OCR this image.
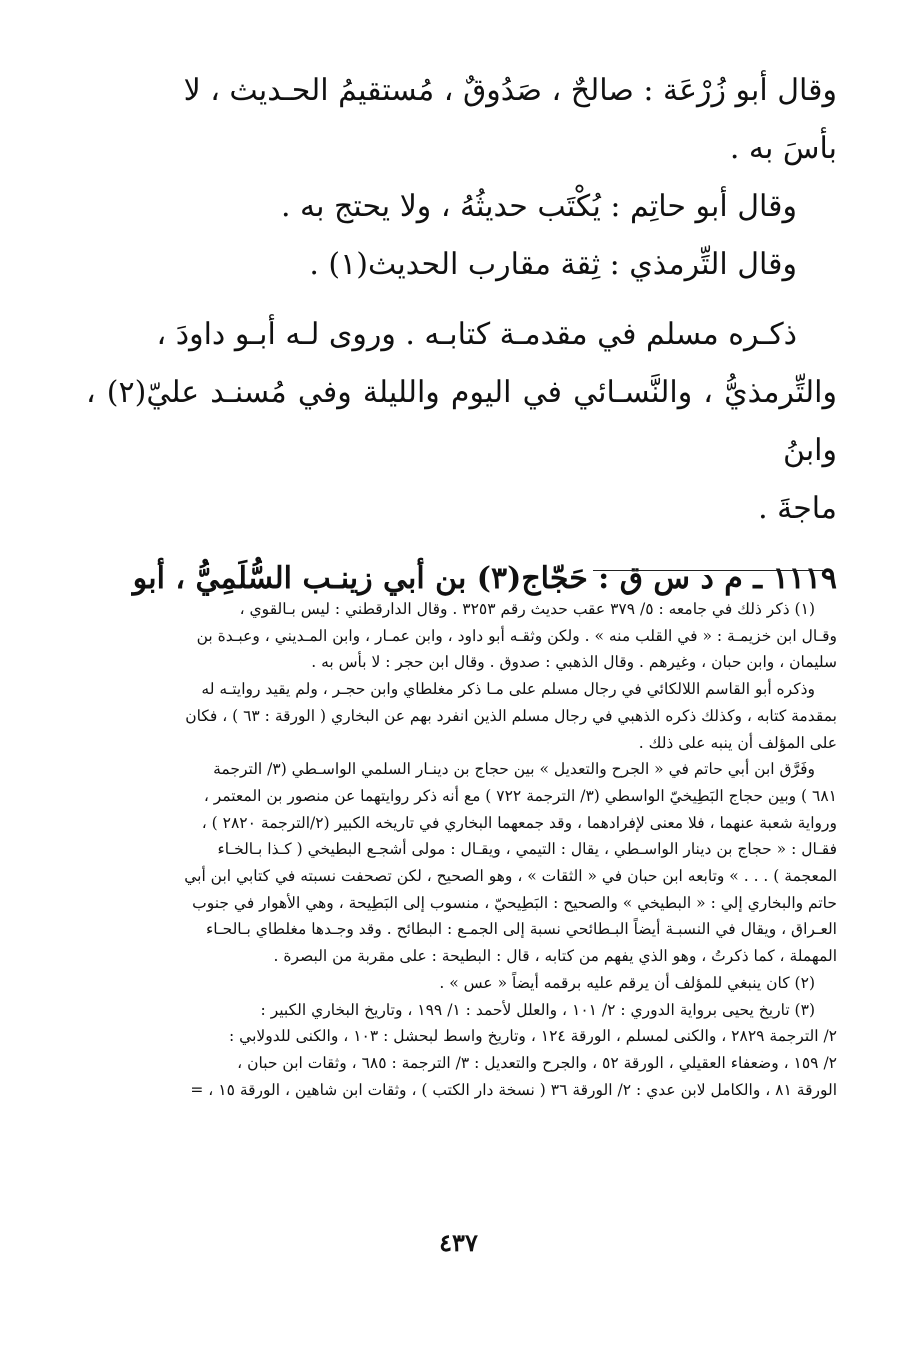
وقال أبو زُرْعَة : صالحٌ ، صَدُوقٌ ، مُستقيمُ الحـديث ، لا

بأسَ به .

وقال أبو حاتِم : يُكْتَب حديثُهُ ، ولا يحتج به .

وقال التِّرمذي : ثِقة مقارب الحديث(١) .

ذكـره مسلم في مقدمـة كتابـه . وروى لـه أبـو داودَ ،

والتِّرمذيُّ ، والنَّسـائي في اليوم والليلة وفي مُسنـد عليّ(٢) ، وابنُ

ماجةَ .

١١١٩ ـ م د س ق : حَجّاج(٣) بن أبي زينـب السُّلَمِيُّ ، أبو

(١) ذكر ذلك في جامعه : ٥/ ٣٧٩ عقب حديث رقم ٣٢٥٣ . وقال الدارقطني : ليس بـالقوي ،

وقـال ابن خزيمـة : « في القلب منه » . ولكن وثقـه أبو داود ، وابن عمـار ، وابن المـديني ، وعبـدة بن

سليمان ، وابن حبان ، وغيرهم . وقال الذهبي : صدوق . وقال ابن حجر : لا بأس به .

وذكره أبو القاسم اللالكائي في رجال مسلم على مـا ذكر مغلطاي وابن حجـر ، ولم يقيد روايتـه له

بمقدمة كتابه ، وكذلك ذكره الذهبي في رجال مسلم الذين انفرد بهم عن البخاري ( الورقة : ٦٣ ) ، فكان

على المؤلف أن ينبه على ذلك .

وفَرَّق ابن أبي حاتم في « الجرح والتعديل » بين حجاج بن دينـار السلمي الواسـطي (٣/ الترجمة

٦٨١ ) وبين حجاج البَطِيخيّ الواسطي (٣/ الترجمة ٧٢٢ ) مع أنه ذكر روايتهما عن منصور بن المعتمر ،

ورواية شعبة عنهما ، فلا معنى لإفرادهما ، وقد جمعهما البخاري في تاريخه الكبير (٢/الترجمة ٢٨٢٠ ) ،

فقـال : « حجاج بن دينار الواسـطي ، يقال : التيمي ، ويقـال : مولى أشجـع البطيخي ( كـذا بـالخـاء

المعجمة ) . . . » وتابعه ابن حبان في « الثقات » ، وهو الصحيح ، لكن تصحفت نسبته في كتابي ابن أبي

حاتم والبخاري إلي : « البطيخي » والصحيح : البَطِيحيّ ، منسوب إلى البَطِيحة ، وهي الأهوار في جنوب

العـراق ، ويقال في النسبـة أيضاً البـطائحي نسبة إلى الجمـع : البطائح . وقد وجـدها مغلطاي بـالحـاء

المهملة ، كما ذكرتُ ، وهو الذي يفهم من كتابه ، قال : البطيحة : على مقربة من البصرة .

(٢) كان ينبغي للمؤلف أن يرقم عليه برقمه أيضاً « عس » .

(٣) تاريخ يحيى برواية الدوري : ٢/ ١٠١ ، والعلل لأحمد : ١/ ١٩٩ ، وتاريخ البخاري الكبير :

٢/ الترجمة ٢٨٢٩ ، والكنى لمسلم ، الورقة ١٢٤ ، وتاريخ واسط لبحشل : ١٠٣ ، والكنى للدولابي :

٢/ ١٥٩ ، وضعفاء العقيلي ، الورقة ٥٢ ، والجرح والتعديل : ٣/ الترجمة : ٦٨٥ ، وثقات ابن حبان ،

الورقة ٨١ ، والكامل لابن عدي : ٢/ الورقة ٣٦ ( نسخة دار الكتب ) ، وثقات ابن شاهين ، الورقة ١٥ ، =

٤٣٧
